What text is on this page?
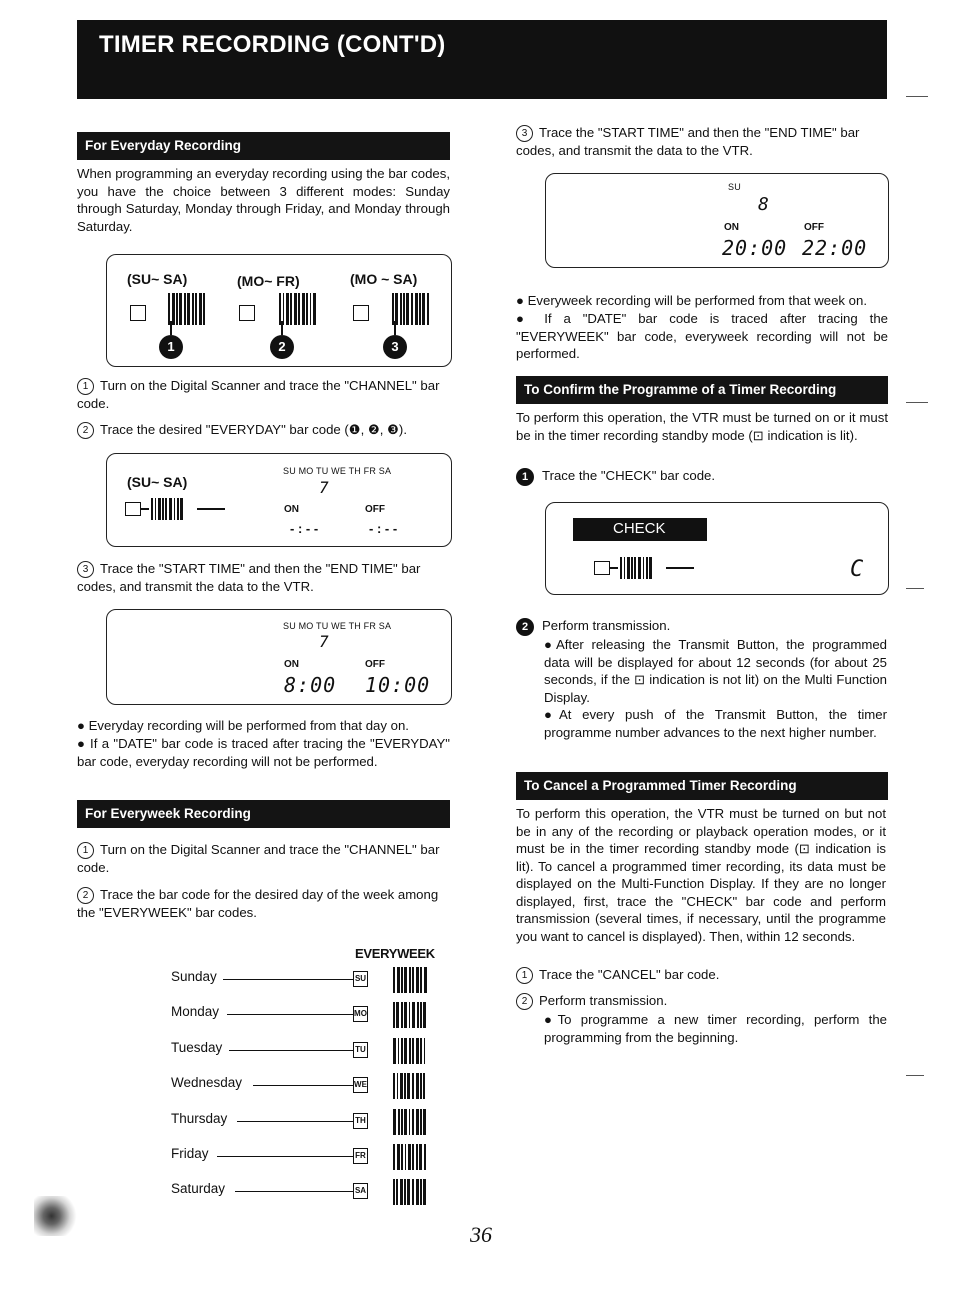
TIMER RECORDING (CONT'D)
For Everyday Recording
When programming an everyday recording using the bar codes, you have the choice between 3 different modes: Sunday through Saturday, Monday through Friday, and Monday through Saturday.
(SU~ SA)	(MO~ FR)	(MO ~ SA)
1	2	3
1 Turn on the Digital Scanner and trace the "CHANNEL" bar code.
2 Trace the desired "EVERYDAY" bar code (❶, ❷, ❸).
(SU~ SA)
SU MO TU WE TH FR SA
7
ON	OFF
- : - -	- : - -
3 Trace the "START TIME" and then the "END TIME" bar codes, and transmit the data to the VTR.
SU MO TU WE TH FR SA
7
ON	OFF
8:00 10:00
● Everyday recording will be performed from that day on.
● If a "DATE" bar code is traced after tracing the "EVERYDAY" bar code, everyday recording will not be performed.
For Everyweek Recording
1 Turn on the Digital Scanner and trace the "CHANNEL" bar code.
2 Trace the bar code for the desired day of the week among the "EVERYWEEK" bar codes.
EVERYWEEK
Sunday	SU
Monday	MO
Tuesday	TU
Wednesday	WE
Thursday	TH
Friday	FR
Saturday	SA
3 Trace the "START TIME" and then the "END TIME" bar codes, and transmit the data to the VTR.
SU
8
ON	OFF
20:00 22:00
● Everyweek recording will be performed from that week on.
● If a "DATE" bar code is traced after tracing the "EVERYWEEK" bar code, everyweek recording will not be performed.
To Confirm the Programme of a Timer Recording
To perform this operation, the VTR must be turned on or it must be in the timer recording standby mode (⊡ indication is lit).
1 Trace the "CHECK" bar code.
CHECK
C
2 Perform transmission.
●After releasing the Transmit Button, the programmed data will be displayed for about 12 seconds (for about 25 seconds, if the ⊡ indication is not lit) on the Multi Function Display.
●At every push of the Transmit Button, the timer programme number advances to the next higher number.
To Cancel a Programmed Timer Recording
To perform this operation, the VTR must be turned on but not be in any of the recording or playback operation modes, or it must be in the timer recording standby mode (⊡ indication is lit). To cancel a programmed timer recording, its data must be displayed on the Multi-Function Display. If they are no longer displayed, first, trace the "CHECK" bar code and perform transmission (several times, if necessary, until the programme you want to cancel is displayed). Then, within 12 seconds.
1 Trace the "CANCEL" bar code.
2 Perform transmission.
●To programme a new timer recording, perform the programming from the beginning.
36
